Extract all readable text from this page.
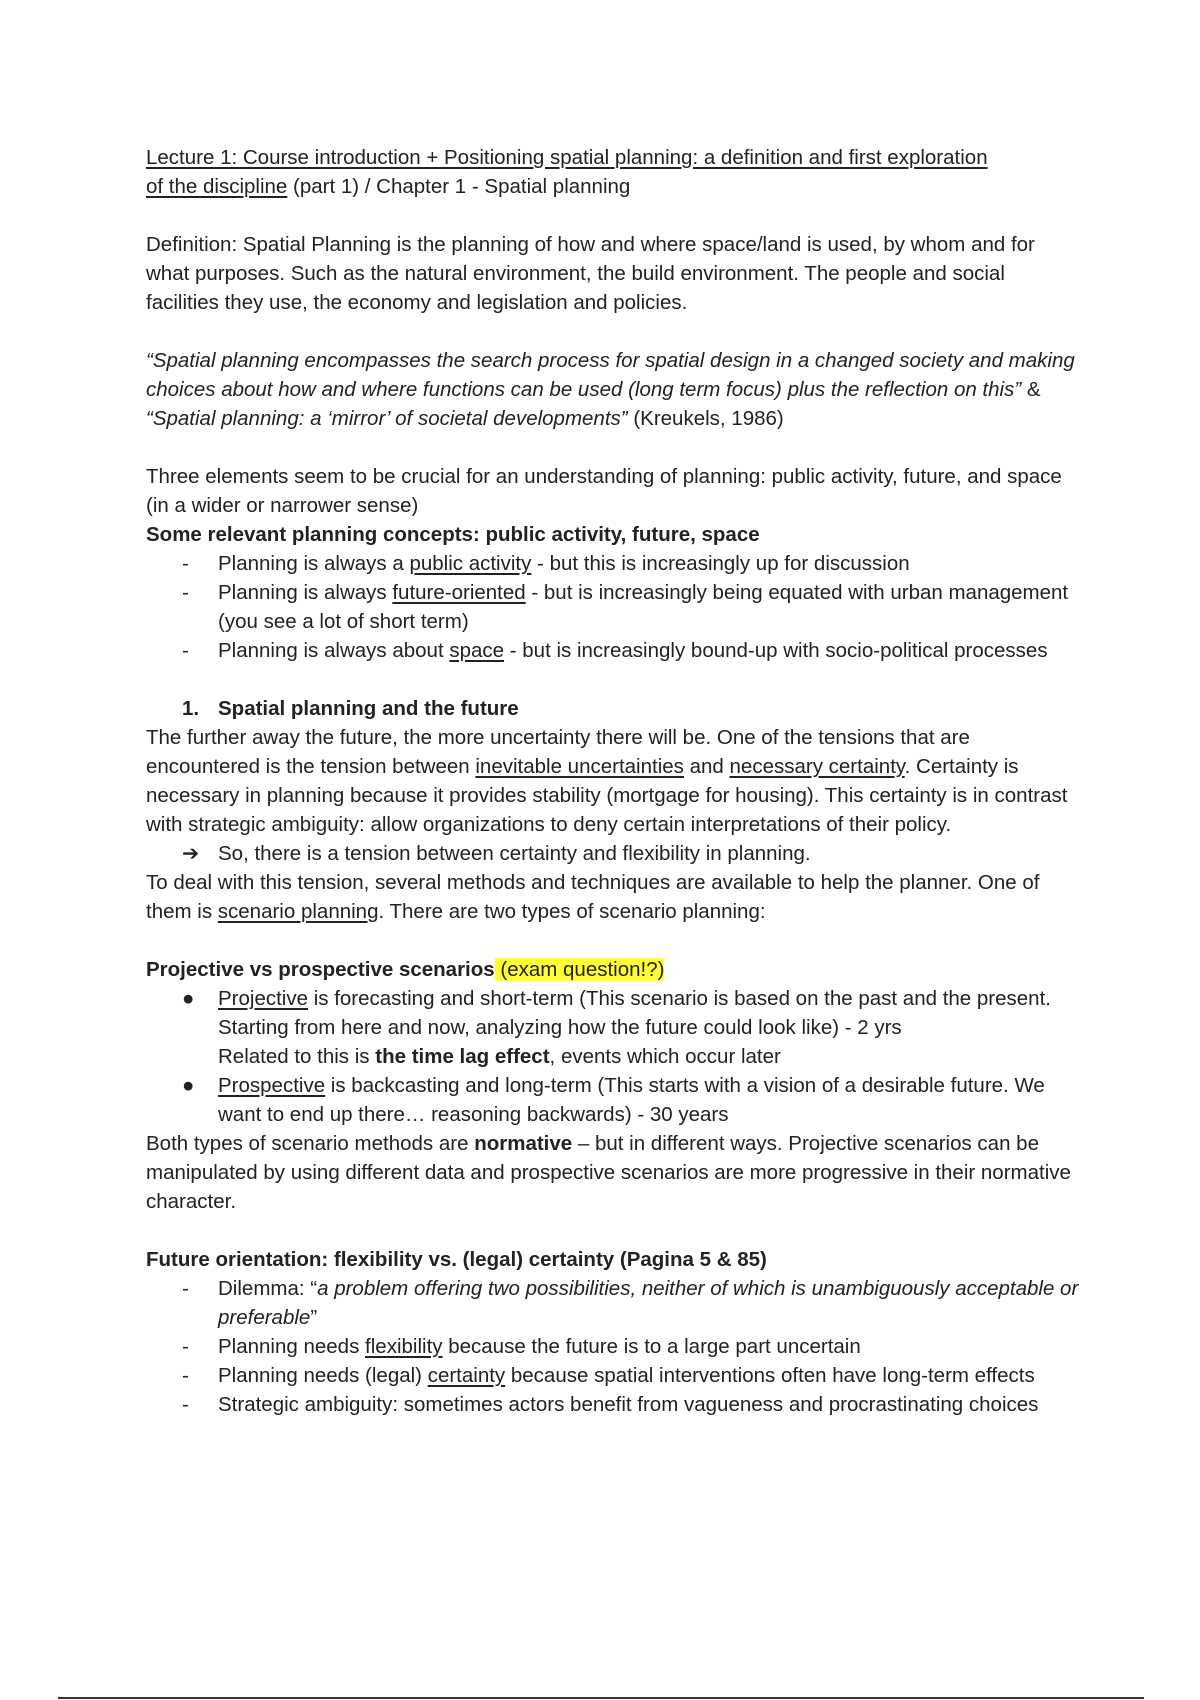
Lecture 1: Course introduction + Positioning spatial planning: a definition and first exploration
of the discipline (part 1) / Chapter 1 - Spatial planning

Definition: Spatial Planning is the planning of how and where space/land is used, by whom and for what purposes. Such as the natural environment, the build environment. The people and social facilities they use, the economy and legislation and policies.

“Spatial planning encompasses the search process for spatial design in a changed society and making choices about how and where functions can be used (long term focus) plus the reflection on this” & “Spatial planning: a ‘mirror’ of societal developments” (Kreukels, 1986)

Three elements seem to be crucial for an understanding of planning: public activity, future, and space (in a wider or narrower sense)

Some relevant planning concepts: public activity, future, space

-	Planning is always a public activity - but this is increasingly up for discussion
-	Planning is always future-oriented - but is increasingly being equated with urban management (you see a lot of short term)
-	Planning is always about space - but is increasingly bound-up with socio-political processes

1. Spatial planning and the future

The further away the future, the more uncertainty there will be. One of the tensions that are encountered is the tension between inevitable uncertainties and necessary certainty. Certainty is necessary in planning because it provides stability (mortgage for housing). This certainty is in contrast with strategic ambiguity: allow organizations to deny certain interpretations of their policy.

➔ So, there is a tension between certainty and flexibility in planning.

To deal with this tension, several methods and techniques are available to help the planner. One of them is scenario planning. There are two types of scenario planning:

Projective vs prospective scenarios (exam question!?)

●	Projective is forecasting and short-term (This scenario is based on the past and the present. Starting from here and now, analyzing how the future could look like) - 2 yrs
Related to this is the time lag effect, events which occur later
●	Prospective is backcasting and long-term (This starts with a vision of a desirable future. We want to end up there… reasoning backwards) - 30 years

Both types of scenario methods are normative – but in different ways. Projective scenarios can be manipulated by using different data and prospective scenarios are more progressive in their normative character.

Future orientation: flexibility vs. (legal) certainty (Pagina 5 & 85)

-	Dilemma: “a problem offering two possibilities, neither of which is unambiguously acceptable or preferable”
-	Planning needs flexibility because the future is to a large part uncertain
-	Planning needs (legal) certainty because spatial interventions often have long-term effects
-	Strategic ambiguity: sometimes actors benefit from vagueness and procrastinating choices
